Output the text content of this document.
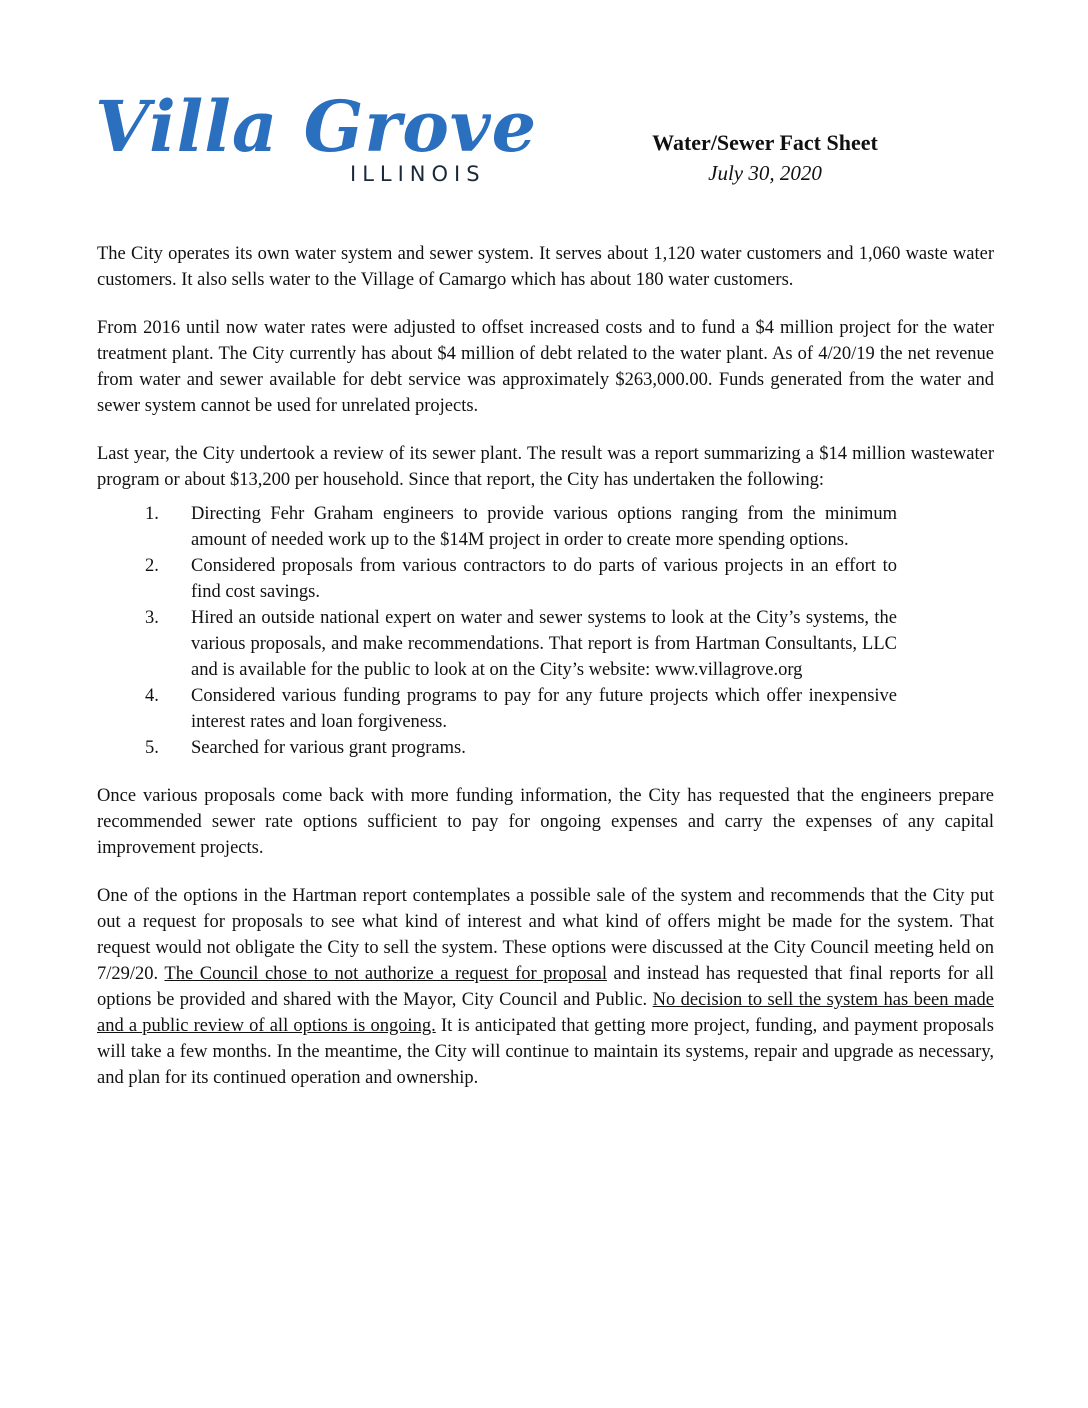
Villa Grove
ILLINOIS
Water/Sewer Fact Sheet
July 30, 2020

The City operates its own water system and sewer system. It serves about 1,120 water customers and 1,060 waste water customers. It also sells water to the Village of Camargo which has about 180 water customers.

From 2016 until now water rates were adjusted to offset increased costs and to fund a $4 million project for the water treatment plant. The City currently has about $4 million of debt related to the water plant. As of 4/20/19 the net revenue from water and sewer available for debt service was approximately $263,000.00. Funds generated from the water and sewer system cannot be used for unrelated projects.

Last year, the City undertook a review of its sewer plant. The result was a report summarizing a $14 million wastewater program or about $13,200 per household. Since that report, the City has undertaken the following:

1. Directing Fehr Graham engineers to provide various options ranging from the minimum amount of needed work up to the $14M project in order to create more spending options.
2. Considered proposals from various contractors to do parts of various projects in an effort to find cost savings.
3. Hired an outside national expert on water and sewer systems to look at the City’s systems, the various proposals, and make recommendations. That report is from Hartman Consultants, LLC and is available for the public to look at on the City’s website: www.villagrove.org
4. Considered various funding programs to pay for any future projects which offer inexpensive interest rates and loan forgiveness.
5. Searched for various grant programs.

Once various proposals come back with more funding information, the City has requested that the engineers prepare recommended sewer rate options sufficient to pay for ongoing expenses and carry the expenses of any capital improvement projects.

One of the options in the Hartman report contemplates a possible sale of the system and recommends that the City put out a request for proposals to see what kind of interest and what kind of offers might be made for the system. That request would not obligate the City to sell the system. These options were discussed at the City Council meeting held on 7/29/20. The Council chose to not authorize a request for proposal and instead has requested that final reports for all options be provided and shared with the Mayor, City Council and Public. No decision to sell the system has been made and a public review of all options is ongoing. It is anticipated that getting more project, funding, and payment proposals will take a few months. In the meantime, the City will continue to maintain its systems, repair and upgrade as necessary, and plan for its continued operation and ownership.
